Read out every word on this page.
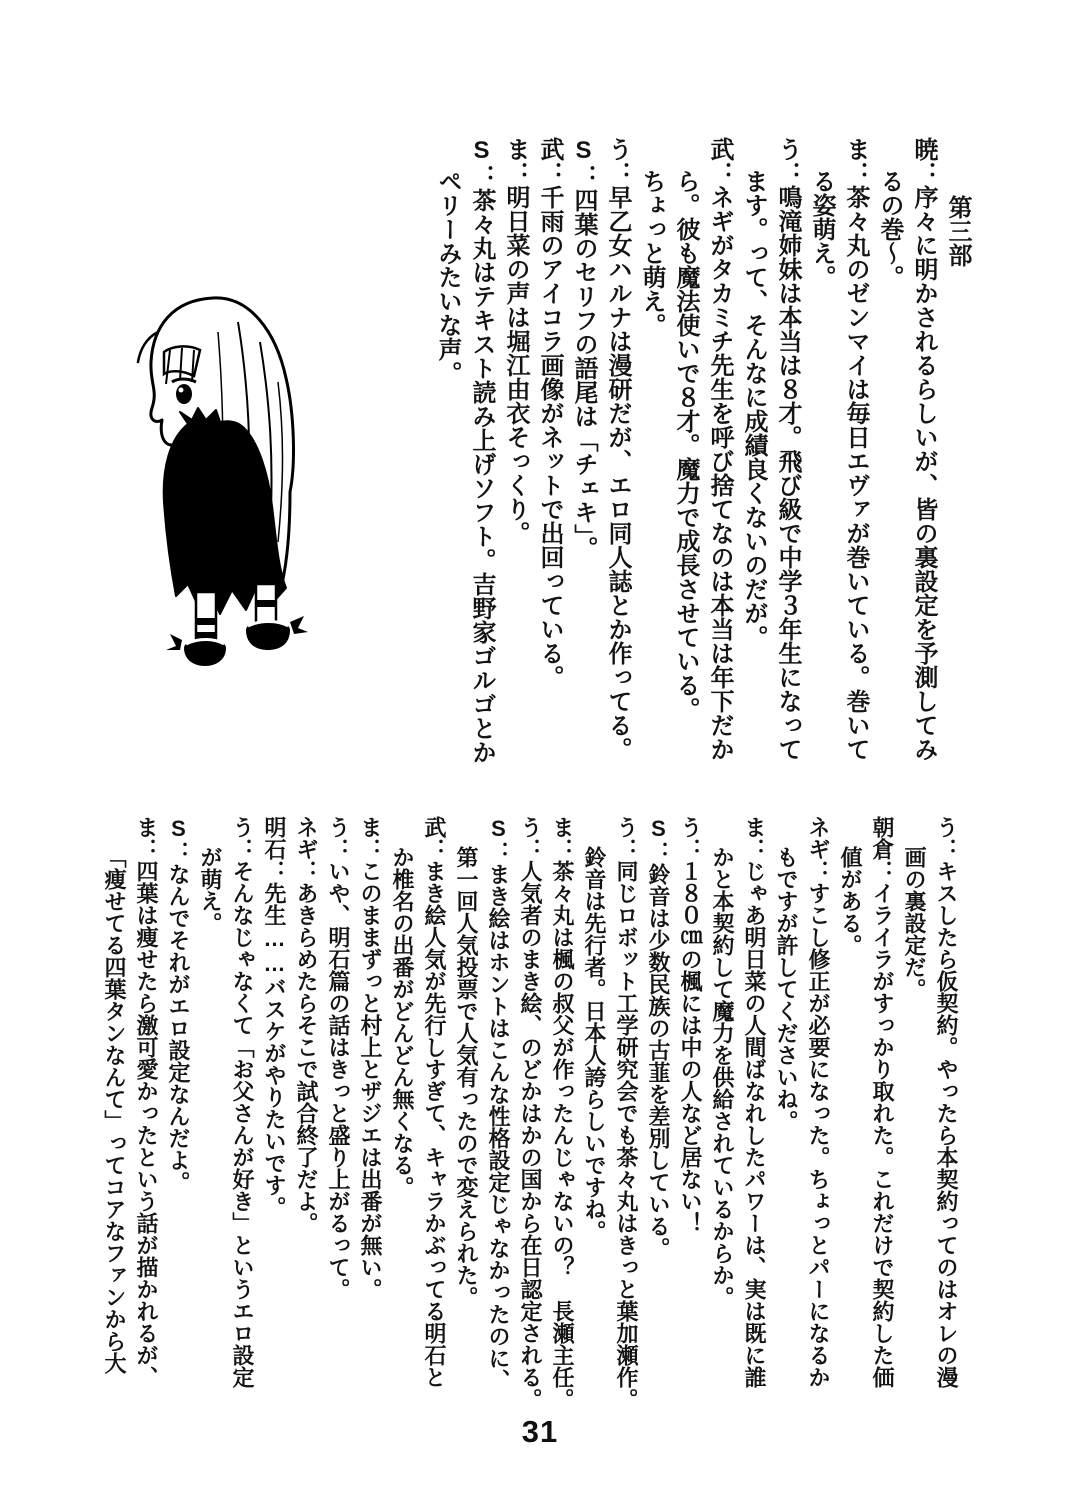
第三部
暁：序々に明かされるらしいが、皆の裏設定を予測してみ
るの巻～。
ま：茶々丸のゼンマイは毎日エヴァが巻いている。巻いて
る姿萌え。
う：鳴滝姉妹は本当は８才。飛び級で中学３年生になって
ます。って、そんなに成績良くないのだが。
武：ネギがタカミチ先生を呼び捨てなのは本当は年下だか
ら。彼も魔法使いで８才。魔力で成長させている。
ちょっと萌え。
う：早乙女ハルナは漫研だが、エロ同人誌とか作ってる。
S：四葉のセリフの語尾は「チェキ」。
武：千雨のアイコラ画像がネットで出回っている。
ま：明日菜の声は堀江由衣そっくり。
S：茶々丸はテキスト読み上げソフト。吉野家ゴルゴとか
ペリーみたいな声。
う：キスしたら仮契約。やったら本契約ってのはオレの漫
画の裏設定だ。
朝倉：イライラがすっかり取れた。これだけで契約した価
値がある。
ネギ：すこし修正が必要になった。ちょっとパーになるか
もですが許してくださいね。
ま：じゃあ明日菜の人間ばなれしたパワーは、実は既に誰
かと本契約して魔力を供給されているからか。
う：１８０㎝の楓には中の人など居ない！
S：鈴音は少数民族の古韮を差別している。
う：同じロボット工学研究会でも茶々丸はきっと葉加瀬作。
鈴音は先行者。日本人誇らしいですね。
ま：茶々丸は楓の叔父が作ったんじゃないの？　長瀬主任。
う：人気者のまき絵、のどかはかの国から在日認定される。
S：まき絵はホントはこんな性格設定じゃなかったのに、
第一回人気投票で人気有ったので変えられた。
武：まき絵人気が先行しすぎて、キャラかぶってる明石と
か椎名の出番がどんどん無くなる。
ま：このままずっと村上とザジエは出番が無い。
う：いや、明石篇の話はきっと盛り上がるって。
ネギ：あきらめたらそこで試合終了だよ。
明石：先生……バスケがやりたいです。
う：そんなじゃなくて「お父さんが好き」というエロ設定
が萌え。
S：なんでそれがエロ設定なんだよ。
ま：四葉は痩せたら激可愛かったという話が描かれるが、
「痩せてる四葉タンなんて」ってコアなファンから大
31
